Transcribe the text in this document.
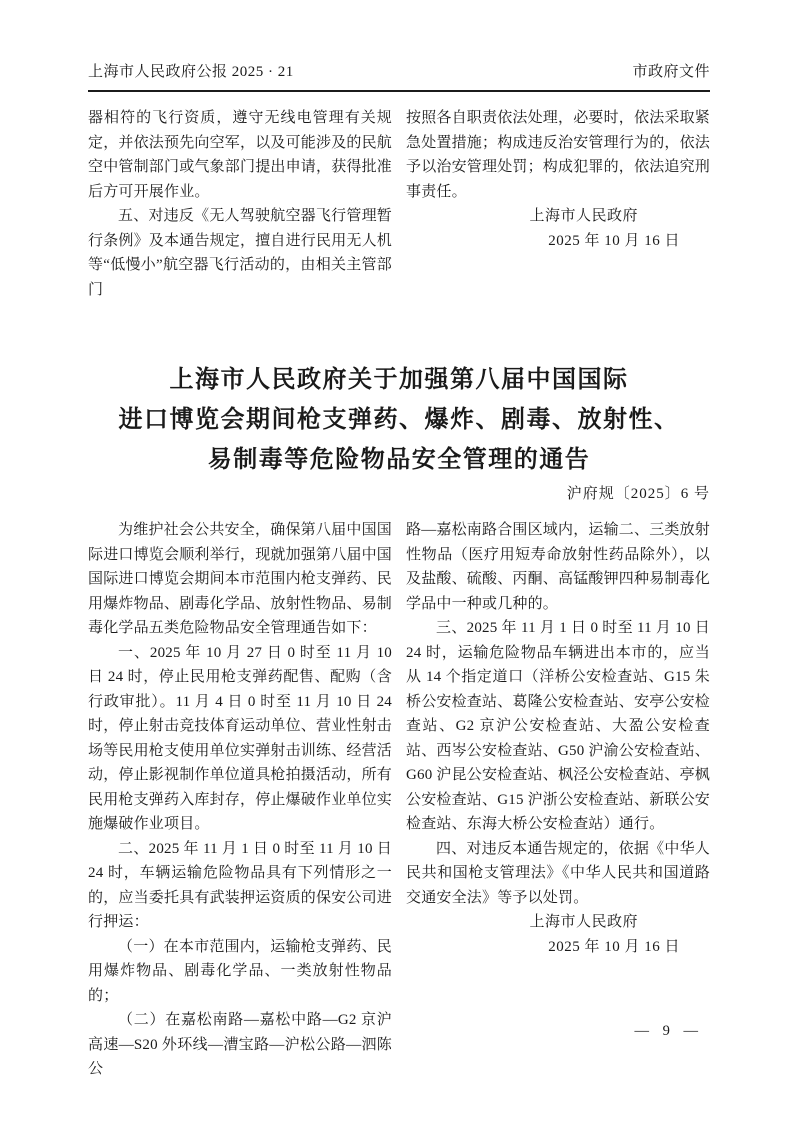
上海市人民政府公报 2025 · 21	市政府文件

器相符的飞行资质，遵守无线电管理有关规定，并依法预先向空军，以及可能涉及的民航空中管制部门或气象部门提出申请，获得批准后方可开展作业。

五、对违反《无人驾驶航空器飞行管理暂行条例》及本通告规定，擅自进行民用无人机等“低慢小”航空器飞行活动的，由相关主管部门

按照各自职责依法处理，必要时，依法采取紧急处置措施；构成违反治安管理行为的，依法予以治安管理处罚；构成犯罪的，依法追究刑事责任。

上海市人民政府

2025 年 10 月 16 日

上海市人民政府关于加强第八届中国国际
进口博览会期间枪支弹药、爆炸、剧毒、放射性、
易制毒等危险物品安全管理的通告
沪府规〔2025〕6 号

为维护社会公共安全，确保第八届中国国际进口博览会顺利举行，现就加强第八届中国国际进口博览会期间本市范围内枪支弹药、民用爆炸物品、剧毒化学品、放射性物品、易制毒化学品五类危险物品安全管理通告如下：

一、2025 年 10 月 27 日 0 时至 11 月 10 日 24 时，停止民用枪支弹药配售、配购（含行政审批）。11 月 4 日 0 时至 11 月 10 日 24 时，停止射击竞技体育运动单位、营业性射击场等民用枪支使用单位实弹射击训练、经营活动，停止影视制作单位道具枪拍摄活动，所有民用枪支弹药入库封存，停止爆破作业单位实施爆破作业项目。

二、2025 年 11 月 1 日 0 时至 11 月 10 日 24 时，车辆运输危险物品具有下列情形之一的，应当委托具有武装押运资质的保安公司进行押运：

（一）在本市范围内，运输枪支弹药、民用爆炸物品、剧毒化学品、一类放射性物品的；

（二）在嘉松南路—嘉松中路—G2 京沪高速—S20 外环线—漕宝路—沪松公路—泗陈公

路—嘉松南路合围区域内，运输二、三类放射性物品（医疗用短寿命放射性药品除外），以及盐酸、硫酸、丙酮、高锰酸钾四种易制毒化学品中一种或几种的。

三、2025 年 11 月 1 日 0 时至 11 月 10 日 24 时，运输危险物品车辆进出本市的，应当从 14 个指定道口（洋桥公安检查站、G15 朱桥公安检查站、葛隆公安检查站、安亭公安检查站、G2 京沪公安检查站、大盈公安检查站、西岑公安检查站、G50 沪渝公安检查站、G60 沪昆公安检查站、枫泾公安检查站、亭枫公安检查站、G15 沪浙公安检查站、新联公安检查站、东海大桥公安检查站）通行。

四、对违反本通告规定的，依据《中华人民共和国枪支管理法》《中华人民共和国道路交通安全法》等予以处罚。

上海市人民政府

2025 年 10 月 16 日

— 9 —
